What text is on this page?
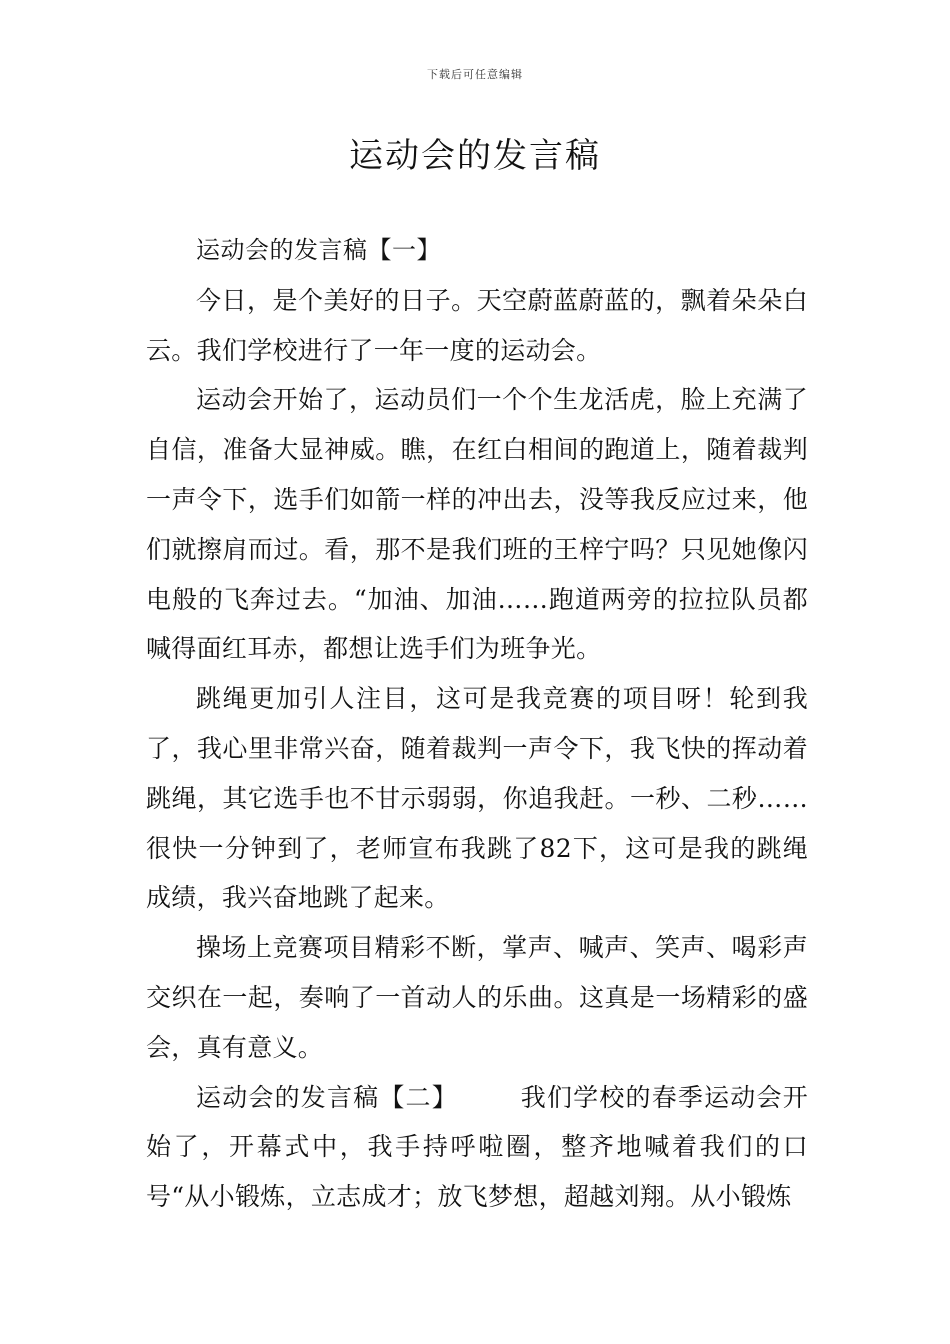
下载后可任意编辑
运动会的发言稿

运动会的发言稿【一】

今日，是个美好的日子。天空蔚蓝蔚蓝的，飘着朵朵白云。我们学校进行了一年一度的运动会。

运动会开始了，运动员们一个个生龙活虎，脸上充满了自信，准备大显神威。瞧，在红白相间的跑道上，随着裁判一声令下，选手们如箭一样的冲出去，没等我反应过来，他们就擦肩而过。看，那不是我们班的王梓宁吗？只见她像闪电般的飞奔过去。“加油、加油……跑道两旁的拉拉队员都喊得面红耳赤，都想让选手们为班争光。

跳绳更加引人注目，这可是我竞赛的项目呀！轮到我了，我心里非常兴奋，随着裁判一声令下，我飞快的挥动着跳绳，其它选手也不甘示弱弱，你追我赶。一秒、二秒……很快一分钟到了，老师宣布我跳了82下，这可是我的跳绳成绩，我兴奋地跳了起来。

操场上竞赛项目精彩不断，掌声、喊声、笑声、喝彩声交织在一起，奏响了一首动人的乐曲。这真是一场精彩的盛会，真有意义。

运动会的发言稿【二】 我们学校的春季运动会开始了，开幕式中，我手持呼啦圈，整齐地喊着我们的口号“从小锻炼，立志成才；放飞梦想，超越刘翔。从小锻炼
